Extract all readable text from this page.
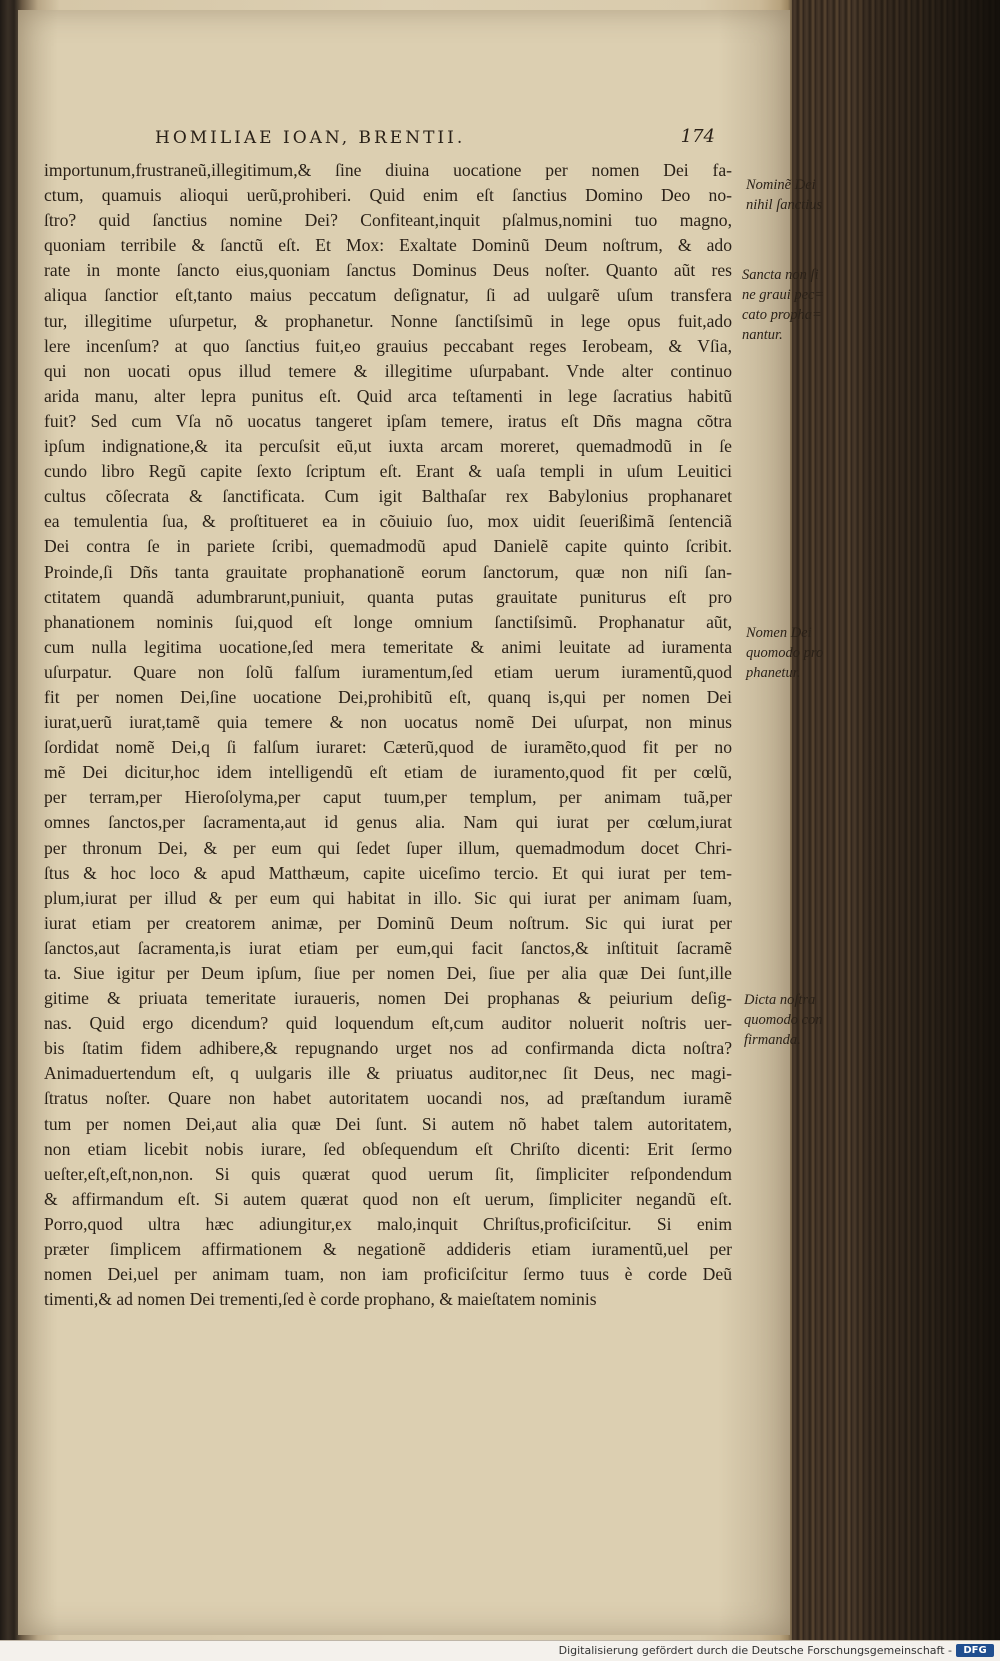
HOMILIAE IOAN, BRENTII.	174
importunum,frustraneũ,illegitimum,& ſine diuina uocatione per nomen Dei fa-
ctum, quamuis alioqui uerũ,prohiberi. Quid enim eſt ſanctius Domino Deo no-
ſtro? quid ſanctius nomine Dei? Confiteant,inquit pſalmus,nomini tuo magno,
quoniam terribile & ſanctũ eſt. Et Mox: Exaltate Dominũ Deum noſtrum, & ado
rate in monte ſancto eius,quoniam ſanctus Dominus Deus noſter. Quanto aũt res
aliqua ſanctior eſt,tanto maius peccatum deſignatur, ſi ad uulgarẽ uſum transfera
tur, illegitime uſurpetur, & prophanetur. Nonne ſanctiſsimũ in lege opus fuit,ado
lere incenſum? at quo ſanctius fuit,eo grauius peccabant reges Ierobeam, & Vſia,
qui non uocati opus illud temere & illegitime uſurpabant. Vnde alter continuo
arida manu, alter lepra punitus eſt. Quid arca teſtamenti in lege ſacratius habitũ
fuit? Sed cum Vſa nõ uocatus tangeret ipſam temere, iratus eſt Dñs magna cõtra
ipſum indignatione,& ita percuſsit eũ,ut iuxta arcam moreret, quemadmodũ in ſe
cundo libro Regũ capite ſexto ſcriptum eſt. Erant & uaſa templi in uſum Leuitici
cultus cõſecrata & ſanctificata. Cum igit Balthaſar rex Babylonius prophanaret
ea temulentia ſua, & proſtitueret ea in cõuiuio ſuo, mox uidit ſeuerißimã ſentenciã
Dei contra ſe in pariete ſcribi, quemadmodũ apud Danielẽ capite quinto ſcribit.
Proinde,ſi Dñs tanta grauitate prophanationẽ eorum ſanctorum, quæ non niſi ſan-
ctitatem quandã adumbrarunt,puniuit, quanta putas grauitate puniturus eſt pro
phanationem nominis ſui,quod eſt longe omnium ſanctiſsimũ. Prophanatur aũt,
cum nulla legitima uocatione,ſed mera temeritate & animi leuitate ad iuramenta
uſurpatur. Quare non ſolũ falſum iuramentum,ſed etiam uerum iuramentũ,quod
fit per nomen Dei,ſine uocatione Dei,prohibitũ eſt, quanq is,qui per nomen Dei
iurat,uerũ iurat,tamẽ quia temere & non uocatus nomẽ Dei uſurpat, non minus
ſordidat nomẽ Dei,q ſi falſum iuraret: Cæterũ,quod de iuramẽto,quod fit per no
mẽ Dei dicitur,hoc idem intelligendũ eſt etiam de iuramento,quod fit per cœlũ,
per terram,per Hieroſolyma,per caput tuum,per templum, per animam tuã,per
omnes ſanctos,per ſacramenta,aut id genus alia. Nam qui iurat per cœlum,iurat
per thronum Dei, & per eum qui ſedet ſuper illum, quemadmodum docet Chri-
ſtus & hoc loco & apud Matthæum, capite uiceſimo tercio. Et qui iurat per tem-
plum,iurat per illud & per eum qui habitat in illo. Sic qui iurat per animam ſuam,
iurat etiam per creatorem animæ, per Dominũ Deum noſtrum. Sic qui iurat per
ſanctos,aut ſacramenta,is iurat etiam per eum,qui facit ſanctos,& inſtituit ſacramẽ
ta. Siue igitur per Deum ipſum, ſiue per nomen Dei, ſiue per alia quæ Dei ſunt,ille
gitime & priuata temeritate iuraueris, nomen Dei prophanas & peiurium deſig-
nas. Quid ergo dicendum? quid loquendum eſt,cum auditor noluerit noſtris uer-
bis ſtatim fidem adhibere,& repugnando urget nos ad confirmanda dicta noſtra?
Animaduertendum eſt, q uulgaris ille & priuatus auditor,nec ſit Deus, nec magi-
ſtratus noſter. Quare non habet autoritatem uocandi nos, ad præſtandum iuramẽ
tum per nomen Dei,aut alia quæ Dei ſunt. Si autem nõ habet talem autoritatem,
non etiam licebit nobis iurare, ſed obſequendum eſt Chriſto dicenti: Erit ſermo
ueſter,eſt,eſt,non,non. Si quis quærat quod uerum ſit, ſimpliciter reſpondendum
& affirmandum eſt. Si autem quærat quod non eſt uerum, ſimpliciter negandũ eſt.
Porro,quod ultra hæc adiungitur,ex malo,inquit Chriſtus,proficiſcitur. Si enim
præter ſimplicem affirmationem & negationẽ addideris etiam iuramentũ,uel per
nomen Dei,uel per animam tuam, non iam proficiſcitur ſermo tuus è corde Deũ
timenti,& ad nomen Dei trementi,ſed è corde prophano, & maieſtatem nominis
Nominẽ Dei
nihil ſanctius
Sancta non ſi
ne graui pec=
cato propha=
nantur.
Nomen Dei
quomodo pro
phanetur.
Dicta noſtra
quomodo con
firmanda.
Digitalisierung gefördert durch die Deutsche Forschungsgemeinschaft -	DFG
